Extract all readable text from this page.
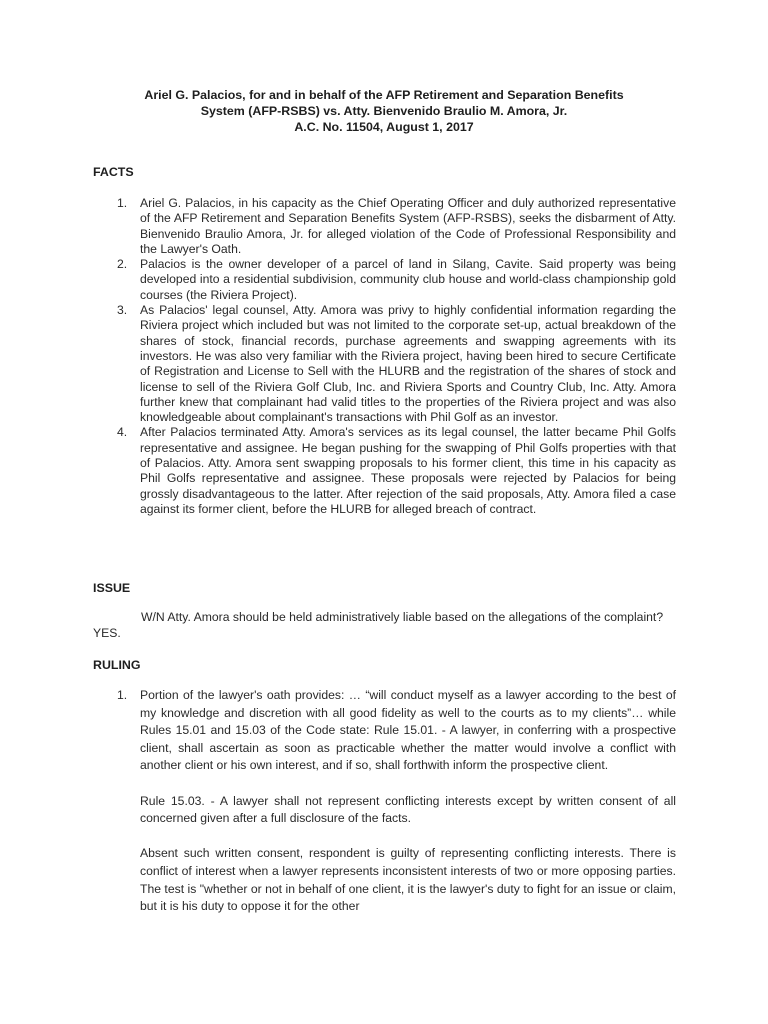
Ariel G. Palacios, for and in behalf of the AFP Retirement and Separation Benefits
System (AFP-RSBS) vs. Atty. Bienvenido Braulio M. Amora, Jr.
A.C. No. 11504, August 1, 2017
FACTS
1. Ariel G. Palacios, in his capacity as the Chief Operating Officer and duly authorized representative of the AFP Retirement and Separation Benefits System (AFP-RSBS), seeks the disbarment of Atty. Bienvenido Braulio Amora, Jr. for alleged violation of the Code of Professional Responsibility and the Lawyer's Oath.

2. Palacios is the owner developer of a parcel of land in Silang, Cavite. Said property was being developed into a residential subdivision, community club house and world-class championship gold courses (the Riviera Project).

3. As Palacios' legal counsel, Atty. Amora was privy to highly confidential information regarding the Riviera project which included but was not limited to the corporate set-up, actual breakdown of the shares of stock, financial records, purchase agreements and swapping agreements with its investors. He was also very familiar with the Riviera project, having been hired to secure Certificate of Registration and License to Sell with the HLURB and the registration of the shares of stock and license to sell of the Riviera Golf Club, Inc. and Riviera Sports and Country Club, Inc. Atty. Amora further knew that complainant had valid titles to the properties of the Riviera project and was also knowledgeable about complainant's transactions with Phil Golf as an investor.

4. After Palacios terminated Atty. Amora's services as its legal counsel, the latter became Phil Golfs representative and assignee. He began pushing for the swapping of Phil Golfs properties with that of Palacios. Atty. Amora sent swapping proposals to his former client, this time in his capacity as Phil Golfs representative and assignee. These proposals were rejected by Palacios for being grossly disadvantageous to the latter. After rejection of the said proposals, Atty. Amora filed a case against its former client, before the HLURB for alleged breach of contract.

ISSUE
W/N Atty. Amora should be held administratively liable based on the allegations of the complaint? YES.
RULING
1. Portion of the lawyer's oath provides: … “will conduct myself as a lawyer according to the best of my knowledge and discretion with all good fidelity as well to the courts as to my clients”… while Rules 15.01 and 15.03 of the Code state: Rule 15.01. - A lawyer, in conferring with a prospective client, shall ascertain as soon as practicable whether the matter would involve a conflict with another client or his own interest, and if so, shall forthwith inform the prospective client.

Rule 15.03. - A lawyer shall not represent conflicting interests except by written consent of all concerned given after a full disclosure of the facts.

Absent such written consent, respondent is guilty of representing conflicting interests. There is conflict of interest when a lawyer represents inconsistent interests of two or more opposing parties. The test is "whether or not in behalf of one client, it is the lawyer's duty to fight for an issue or claim, but it is his duty to oppose it for the other
